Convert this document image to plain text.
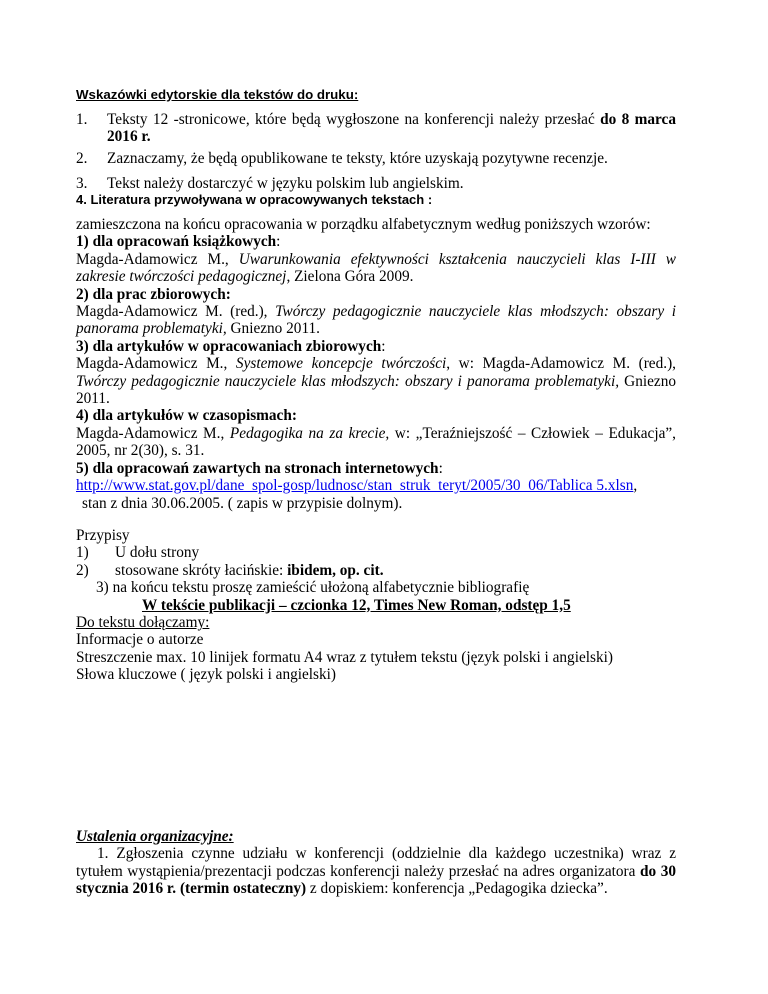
Wskazówki edytorskie dla tekstów do druku:
1. Teksty 12 -stronicowe, które będą wygłoszone na konferencji należy przesłać do 8 marca 2016 r.
2. Zaznaczamy, że będą opublikowane te teksty, które uzyskają pozytywne recenzje.
3. Tekst należy dostarczyć w języku polskim lub angielskim.
4. Literatura przywoływana w opracowywanych tekstach :
zamieszczona na końcu opracowania w porządku alfabetycznym według poniższych wzorów:
1) dla opracowań książkowych:
Magda-Adamowicz M., Uwarunkowania efektywności kształcenia nauczycieli klas I-III w zakresie twórczości pedagogicznej, Zielona Góra 2009.
2) dla prac zbiorowych:
Magda-Adamowicz M. (red.), Twórczy pedagogicznie nauczyciele klas młodszych: obszary i panorama problematyki, Gniezno 2011.
3) dla artykułów w opracowaniach zbiorowych:
Magda-Adamowicz M., Systemowe koncepcje twórczości, w: Magda-Adamowicz M. (red.), Twórczy pedagogicznie nauczyciele klas młodszych: obszary i panorama problematyki, Gniezno 2011.
4) dla artykułów w czasopismach:
Magda-Adamowicz M., Pedagogika na za krecie, w: „Teraźniejszość – Człowiek – Edukacja”, 2005, nr 2(30), s. 31.
5) dla opracowań zawartych na stronach internetowych:
http://www.stat.gov.pl/dane_spol-gosp/ludnosc/stan_struk_teryt/2005/30_06/Tablica 5.xlsn,
stan z dnia 30.06.2005. ( zapis w przypisie dolnym).
Przypisy
1) U dołu strony
2) stosowane skróty łacińskie: ibidem, op. cit.
3) na końcu tekstu proszę zamieścić ułożoną alfabetycznie bibliografię
W tekście publikacji – czcionka 12, Times New Roman, odstęp 1,5
Do tekstu dołączamy:
Informacje o autorze
Streszczenie max. 10 linijek formatu A4 wraz z tytułem tekstu (język polski i angielski)
Słowa kluczowe ( język polski i angielski)
Ustalenia organizacyjne:
1. Zgłoszenia czynne udziału w konferencji (oddzielnie dla każdego uczestnika) wraz z tytułem wystąpienia/prezentacji podczas konferencji należy przesłać na adres organizatora do 30 stycznia 2016 r. (termin ostateczny) z dopiskiem: konferencja „Pedagogika dziecka”.
